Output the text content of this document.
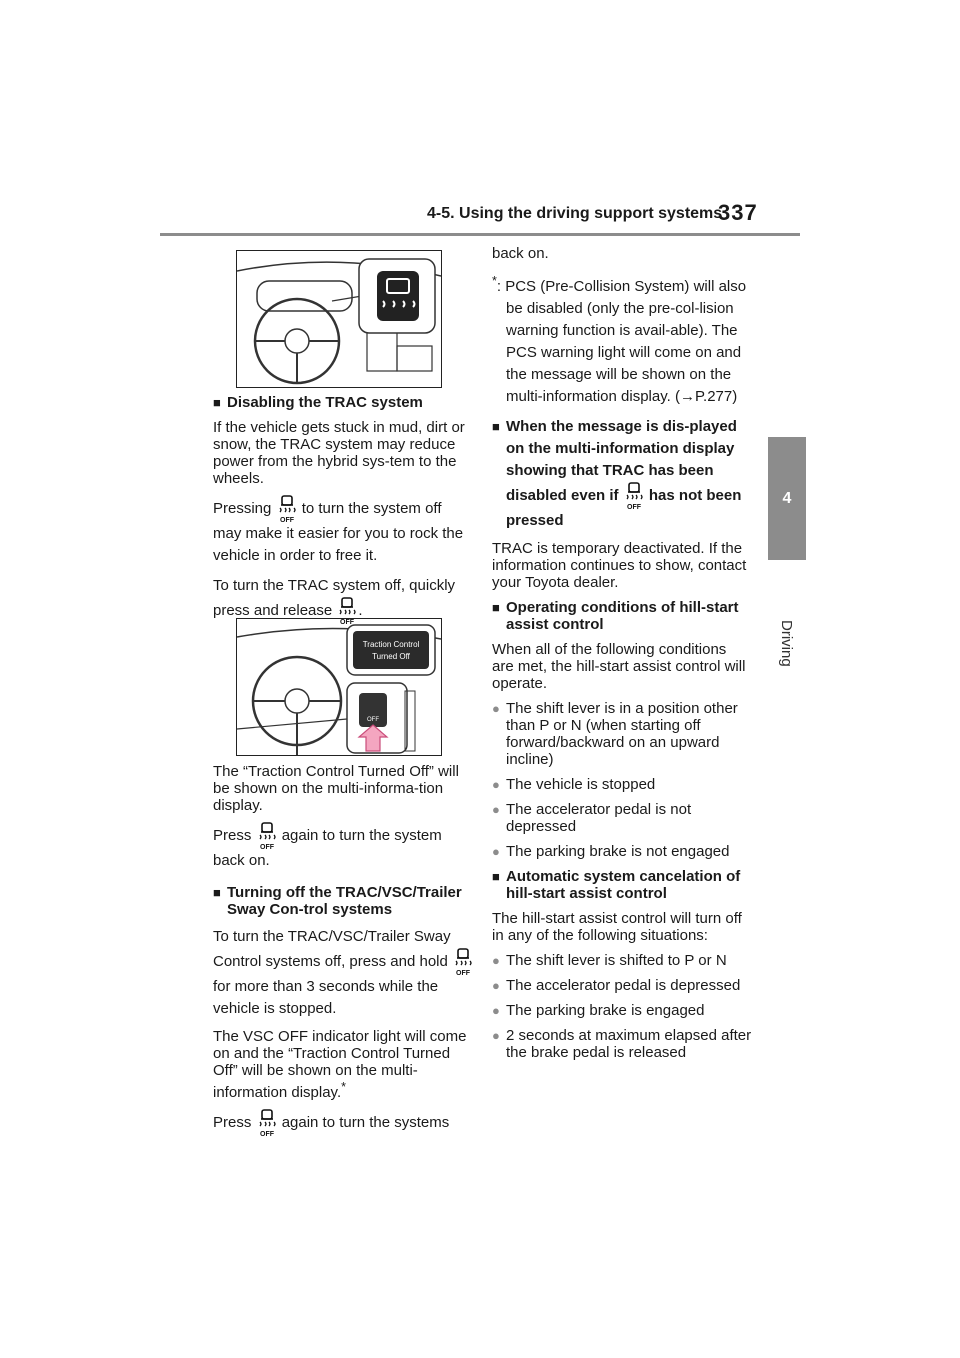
4-5. Using the driving support systems
337
4
Driving
Traction Control
Turned Off
OFF
■ Disabling the TRAC system

If the vehicle gets stuck in mud, dirt or snow, the TRAC system may reduce power from the hybrid sys-tem to the wheels.

Pressing
OFF
to turn the system off may make it easier for you to rock the vehicle in order to free it.

To turn the TRAC system off, quickly press and release
OFF
.

The “Traction Control Turned Off” will be shown on the multi-informa-tion display.

Press
OFF
again to turn the system back on.

■ Turning off the TRAC/VSC/Trailer Sway Con-trol systems

To turn the TRAC/VSC/Trailer Sway Control systems off, press and hold
OFF
for more than 3 seconds while the vehicle is stopped.

The VSC OFF indicator light will come on and the “Traction Control Turned Off” will be shown on the multi-information display.*

Press
OFF
again to turn the systems

back on.

*: PCS (Pre-Collision System) will also be disabled (only the pre-col-lision warning function is avail-able). The PCS warning light will come on and the message will be shown on the multi-information display. (→P.277)

■ When the message is dis-played on the multi-information display showing that TRAC has been disabled even if
OFF
has not been pressed

TRAC is temporary deactivated. If the information continues to show, contact your Toyota dealer.

■ Operating conditions of hill-start assist control

When all of the following conditions are met, the hill-start assist control will operate.

● The shift lever is in a position other than P or N (when starting off forward/backward on an upward incline)
● The vehicle is stopped
● The accelerator pedal is not depressed
● The parking brake is not engaged
■ Automatic system cancelation of hill-start assist control

The hill-start assist control will turn off in any of the following situations:

● The shift lever is shifted to P or N
● The accelerator pedal is depressed
● The parking brake is engaged
● 2 seconds at maximum elapsed after the brake pedal is released
